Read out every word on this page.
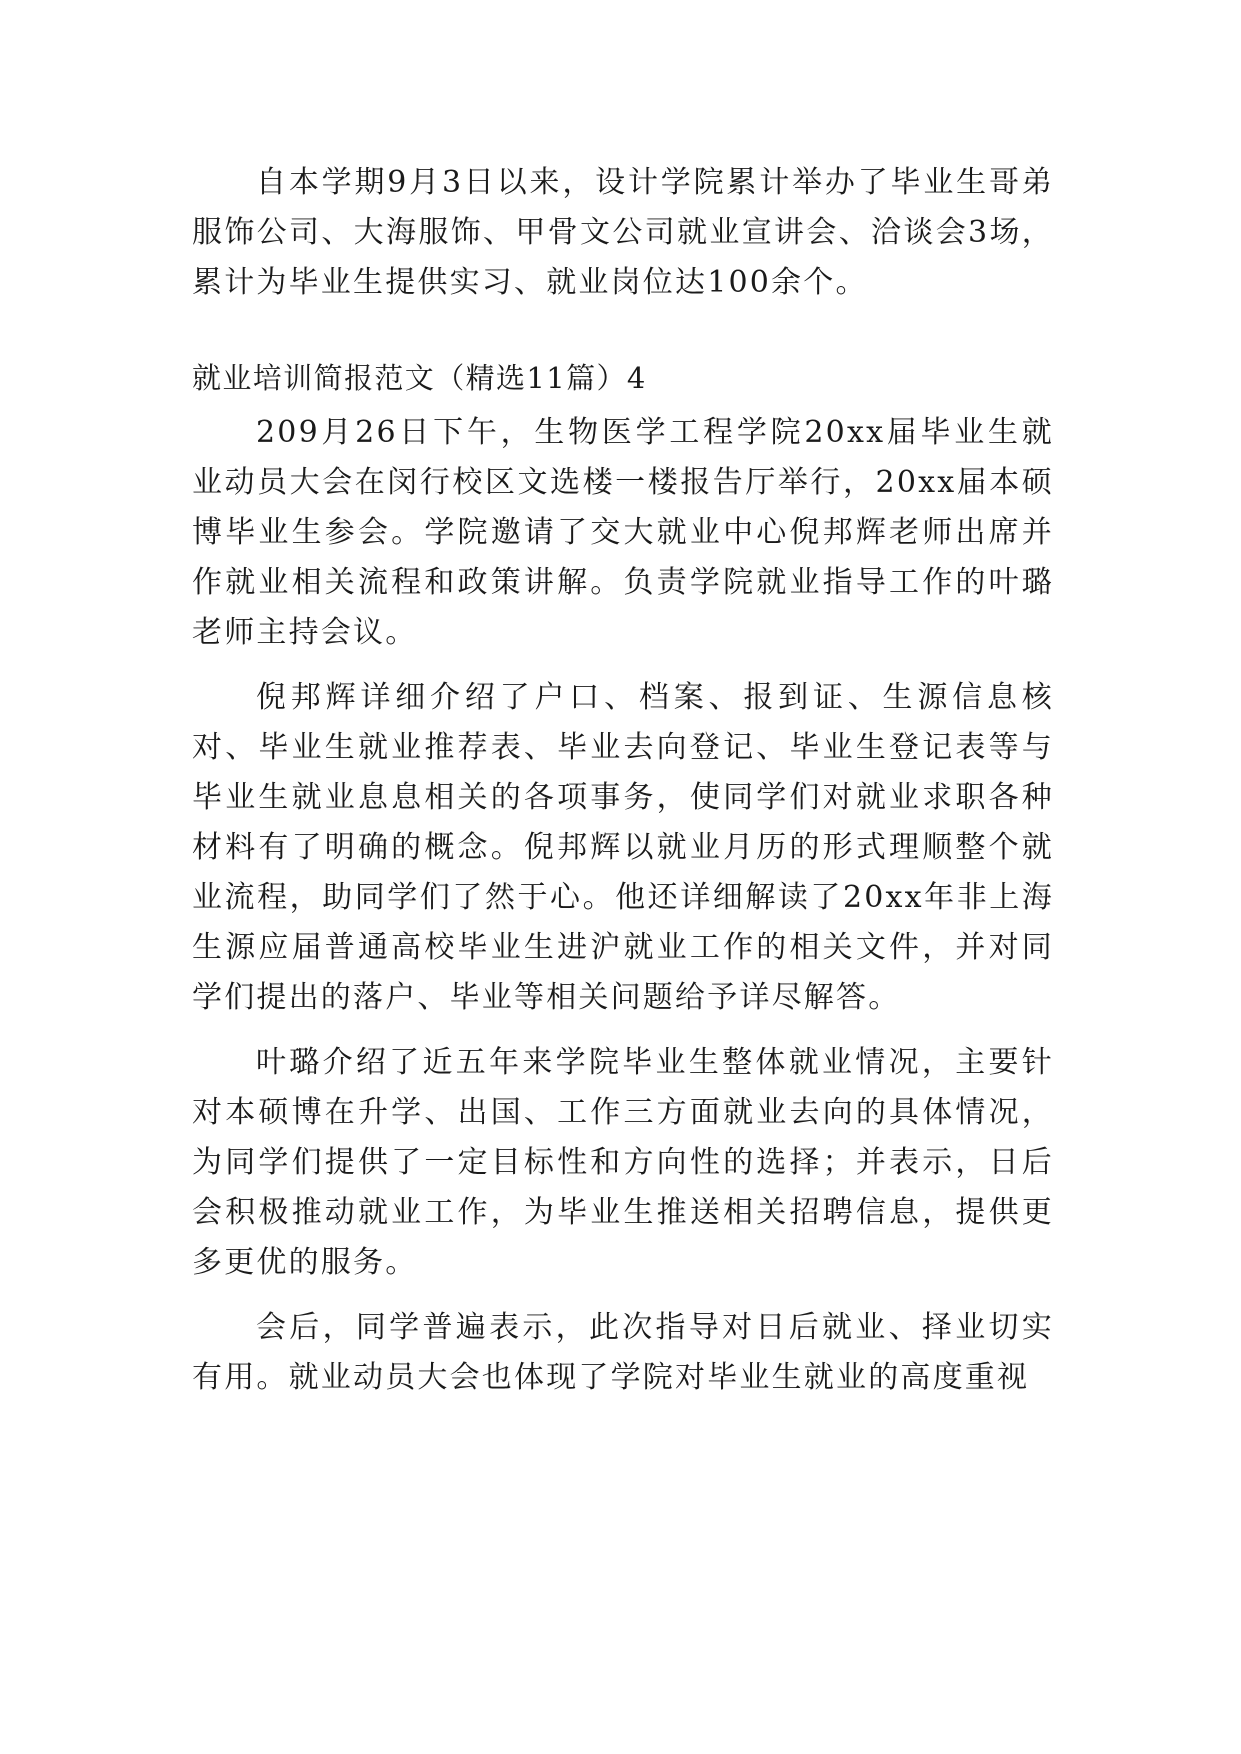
自本学期9月3日以来，设计学院累计举办了毕业生哥弟服饰公司、大海服饰、甲骨文公司就业宣讲会、洽谈会3场，累计为毕业生提供实习、就业岗位达100余个。

就业培训简报范文（精选11篇）4

209月26日下午，生物医学工程学院20xx届毕业生就业动员大会在闵行校区文选楼一楼报告厅举行，20xx届本硕博毕业生参会。学院邀请了交大就业中心倪邦辉老师出席并作就业相关流程和政策讲解。负责学院就业指导工作的叶璐老师主持会议。

倪邦辉详细介绍了户口、档案、报到证、生源信息核对、毕业生就业推荐表、毕业去向登记、毕业生登记表等与毕业生就业息息相关的各项事务，使同学们对就业求职各种材料有了明确的概念。倪邦辉以就业月历的形式理顺整个就业流程，助同学们了然于心。他还详细解读了20xx年非上海生源应届普通高校毕业生进沪就业工作的相关文件，并对同学们提出的落户、毕业等相关问题给予详尽解答。

叶璐介绍了近五年来学院毕业生整体就业情况，主要针对本硕博在升学、出国、工作三方面就业去向的具体情况，为同学们提供了一定目标性和方向性的选择；并表示，日后会积极推动就业工作，为毕业生推送相关招聘信息，提供更多更优的服务。

会后，同学普遍表示，此次指导对日后就业、择业切实有用。就业动员大会也体现了学院对毕业生就业的高度重视
